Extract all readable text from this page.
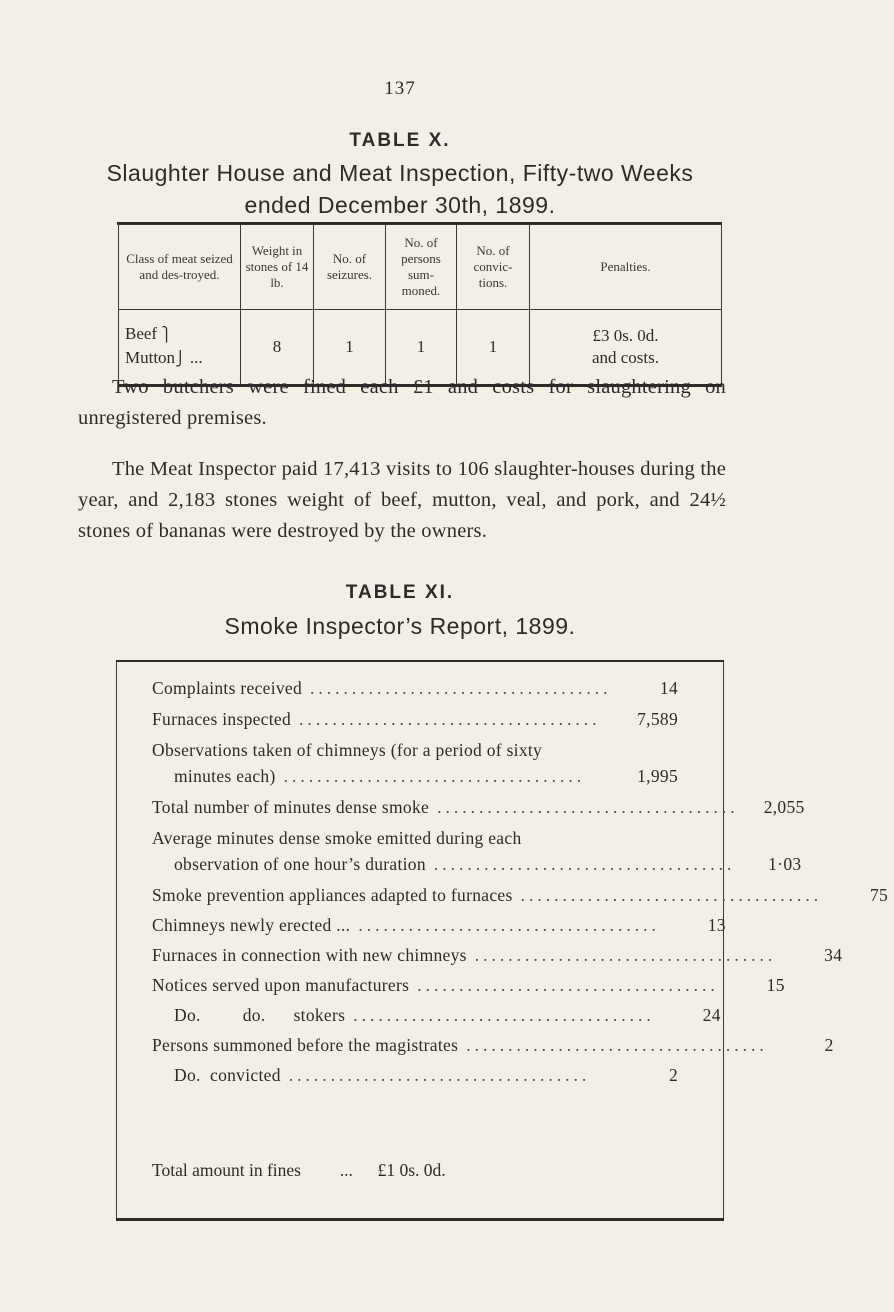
137
TABLE X.
Slaughter House and Meat Inspection, Fifty-two Weeks
ended December 30th, 1899.
Class of meat seized and des-troyed.	Weight in stones of 14 lb.	No. of seizures.	No. of persons sum-moned.	No. of convic-tions.	Penalties.
Beef ⎫
Mutton⎭ ...	8	1	1	1	£3 0s. 0d.
and costs.
Two butchers were fined each £1 and costs for slaughtering on unregistered premises.
The Meat Inspector paid 17,413 visits to 106 slaughter-houses during the year, and 2,183 stones weight of beef, mutton, veal, and pork, and 24½ stones of bananas were destroyed by the owners.
TABLE XI.
Smoke Inspector’s Report, 1899.
Complaints received ....................................	14
Furnaces inspected ....................................	7,589
Observations taken of chimneys (for a period of sixty
minutes each) ....................................	1,995
Total number of minutes dense smoke ....................................	2,055
Average minutes dense smoke emitted during each
observation of one hour’s duration ....................................	1·03
Smoke prevention appliances adapted to furnaces ....................................	75
Chimneys newly erected ... ....................................	13
Furnaces in connection with new chimneys ....................................	34
Notices served upon manufacturers ....................................	15
Do.         do.      stokers ....................................	24
Persons summoned before the magistrates ....................................	2
Do.  convicted ....................................	2
Total amount in fines ... £1 0s. 0d.
